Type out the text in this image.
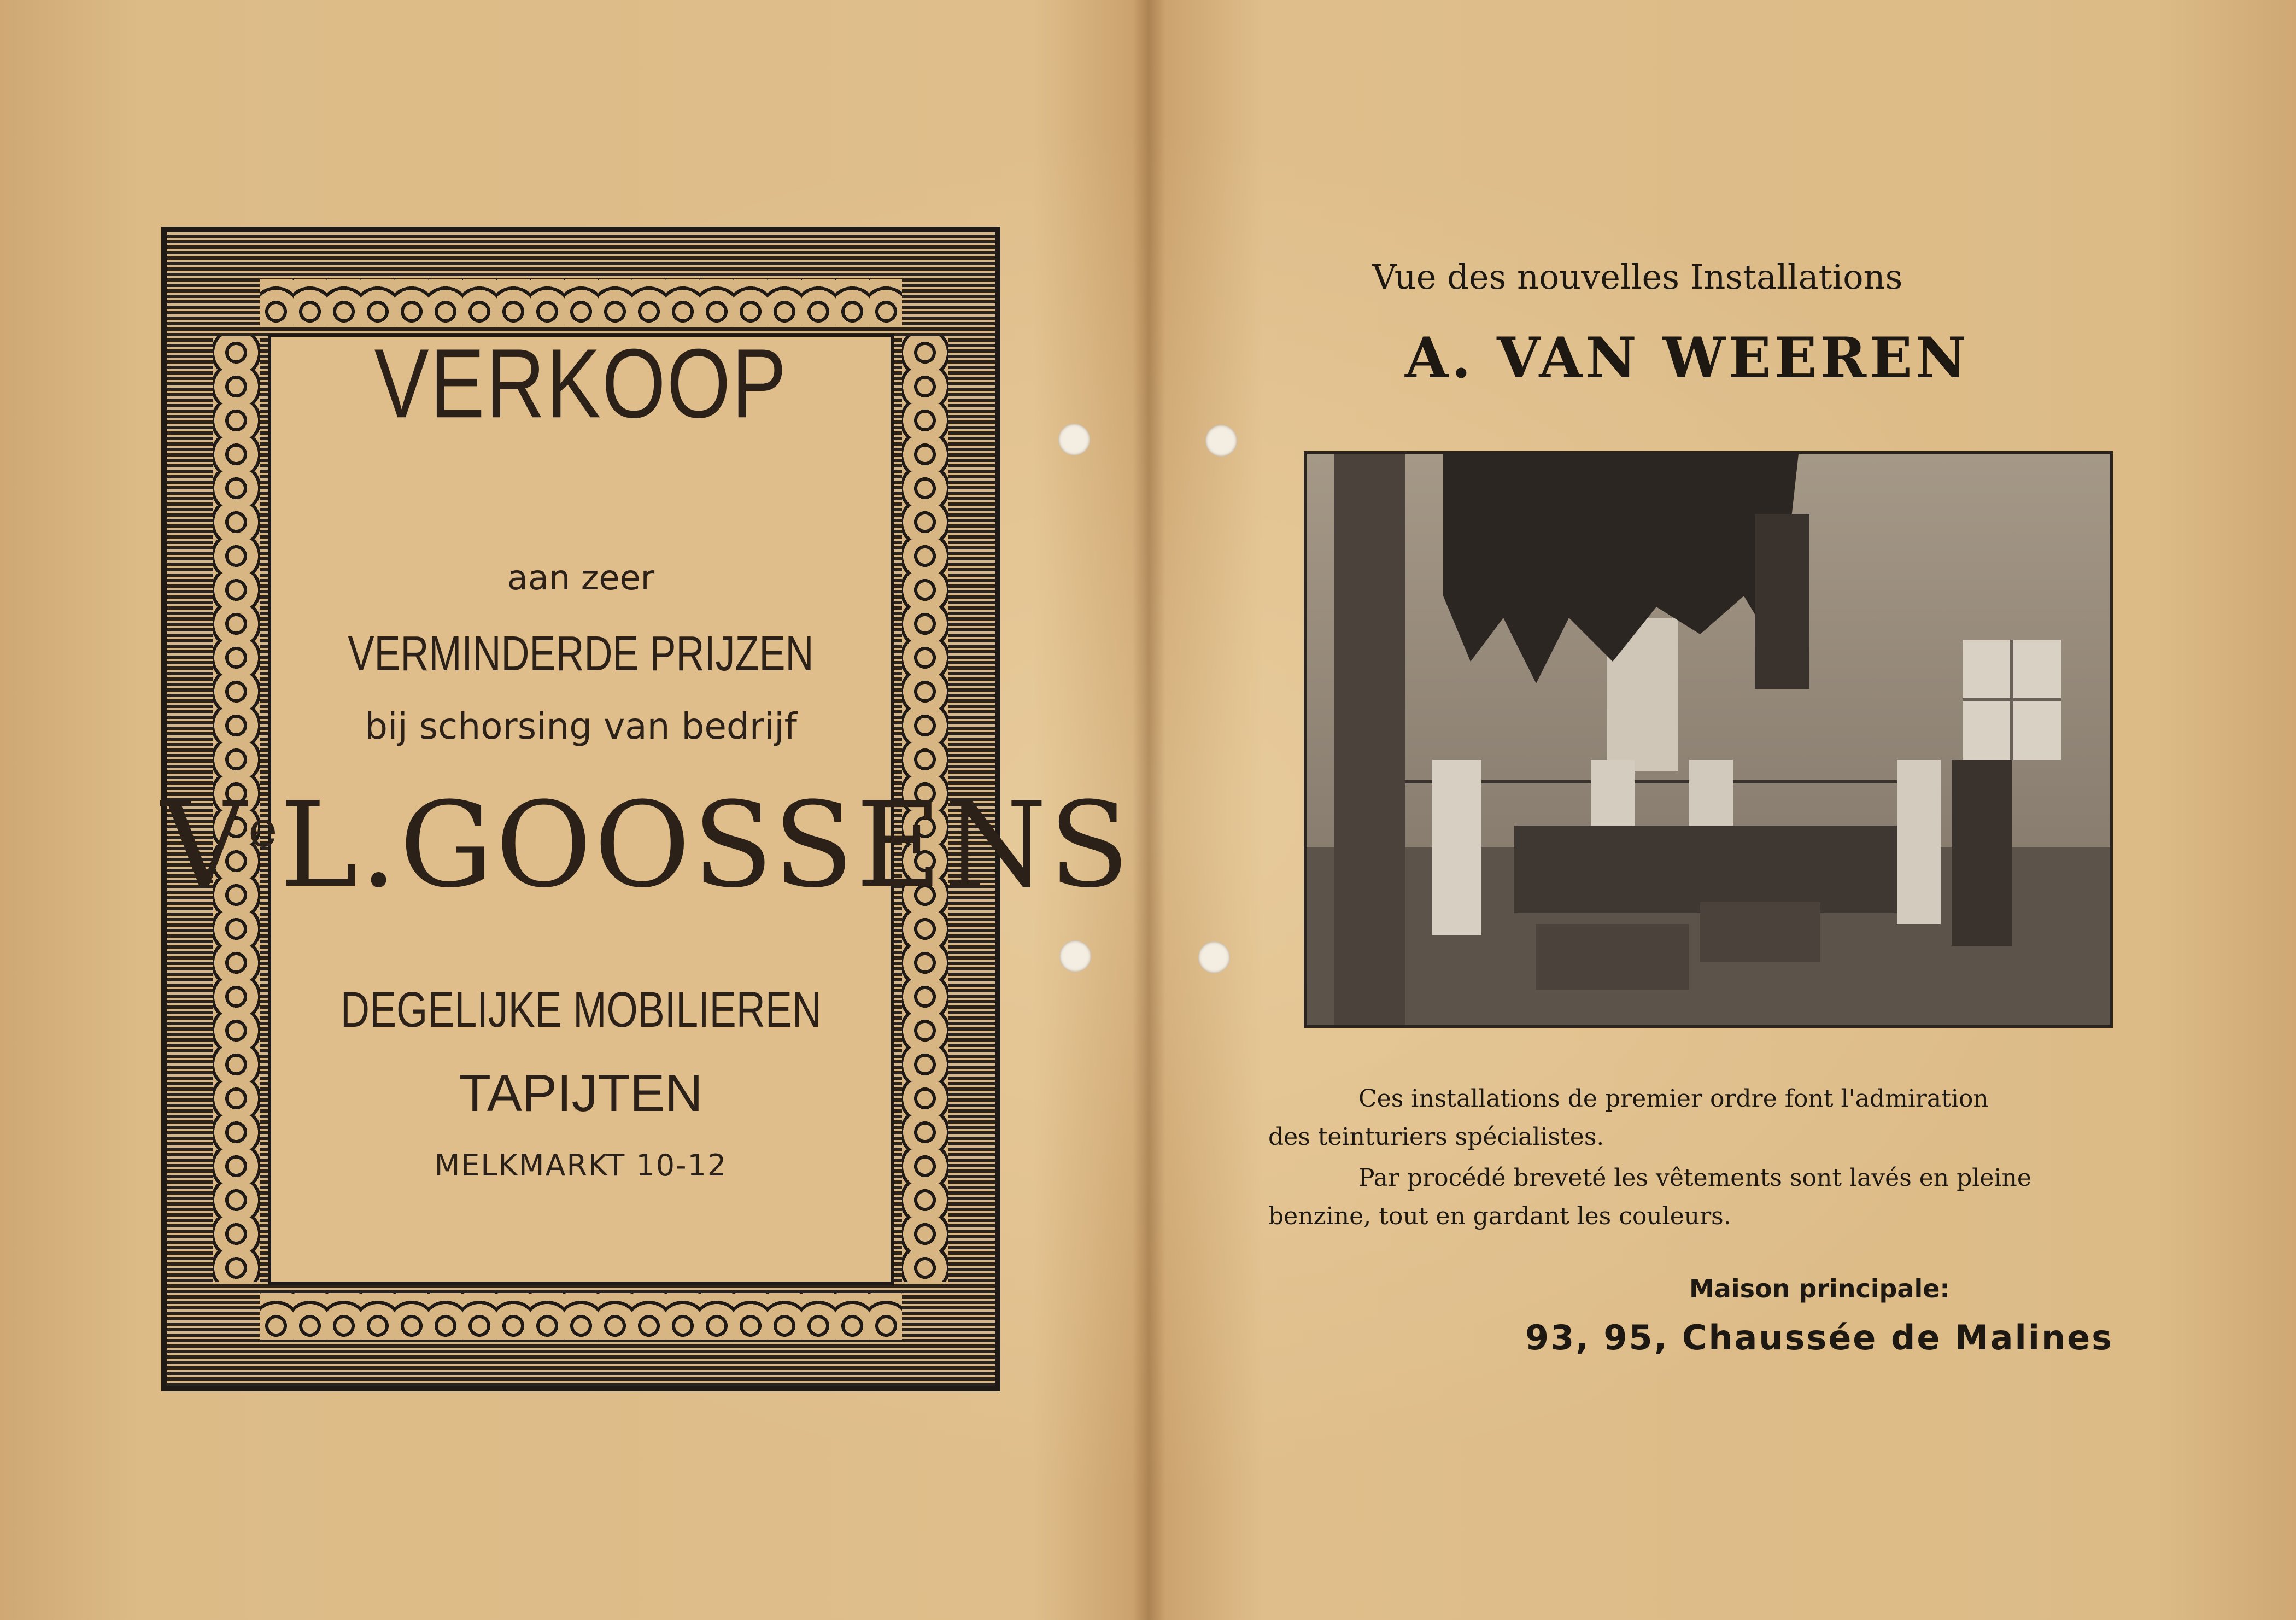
VERKOOP
aan zeer
VERMINDERDE PRIJZEN
bij schorsing van bedrijf
VeL.GOOSSENS
DEGELIJKE MOBILIEREN
TAPIJTEN
MELKMARKT 10-12
Vue des nouvelles Installations
A. VAN WEEREN
Ces installations de premier ordre font l'admiration
des teinturiers spécialistes.
Par procédé breveté les vêtements sont lavés en pleine
benzine, tout en gardant les couleurs.
Maison principale:
93, 95, Chaussée de Malines
